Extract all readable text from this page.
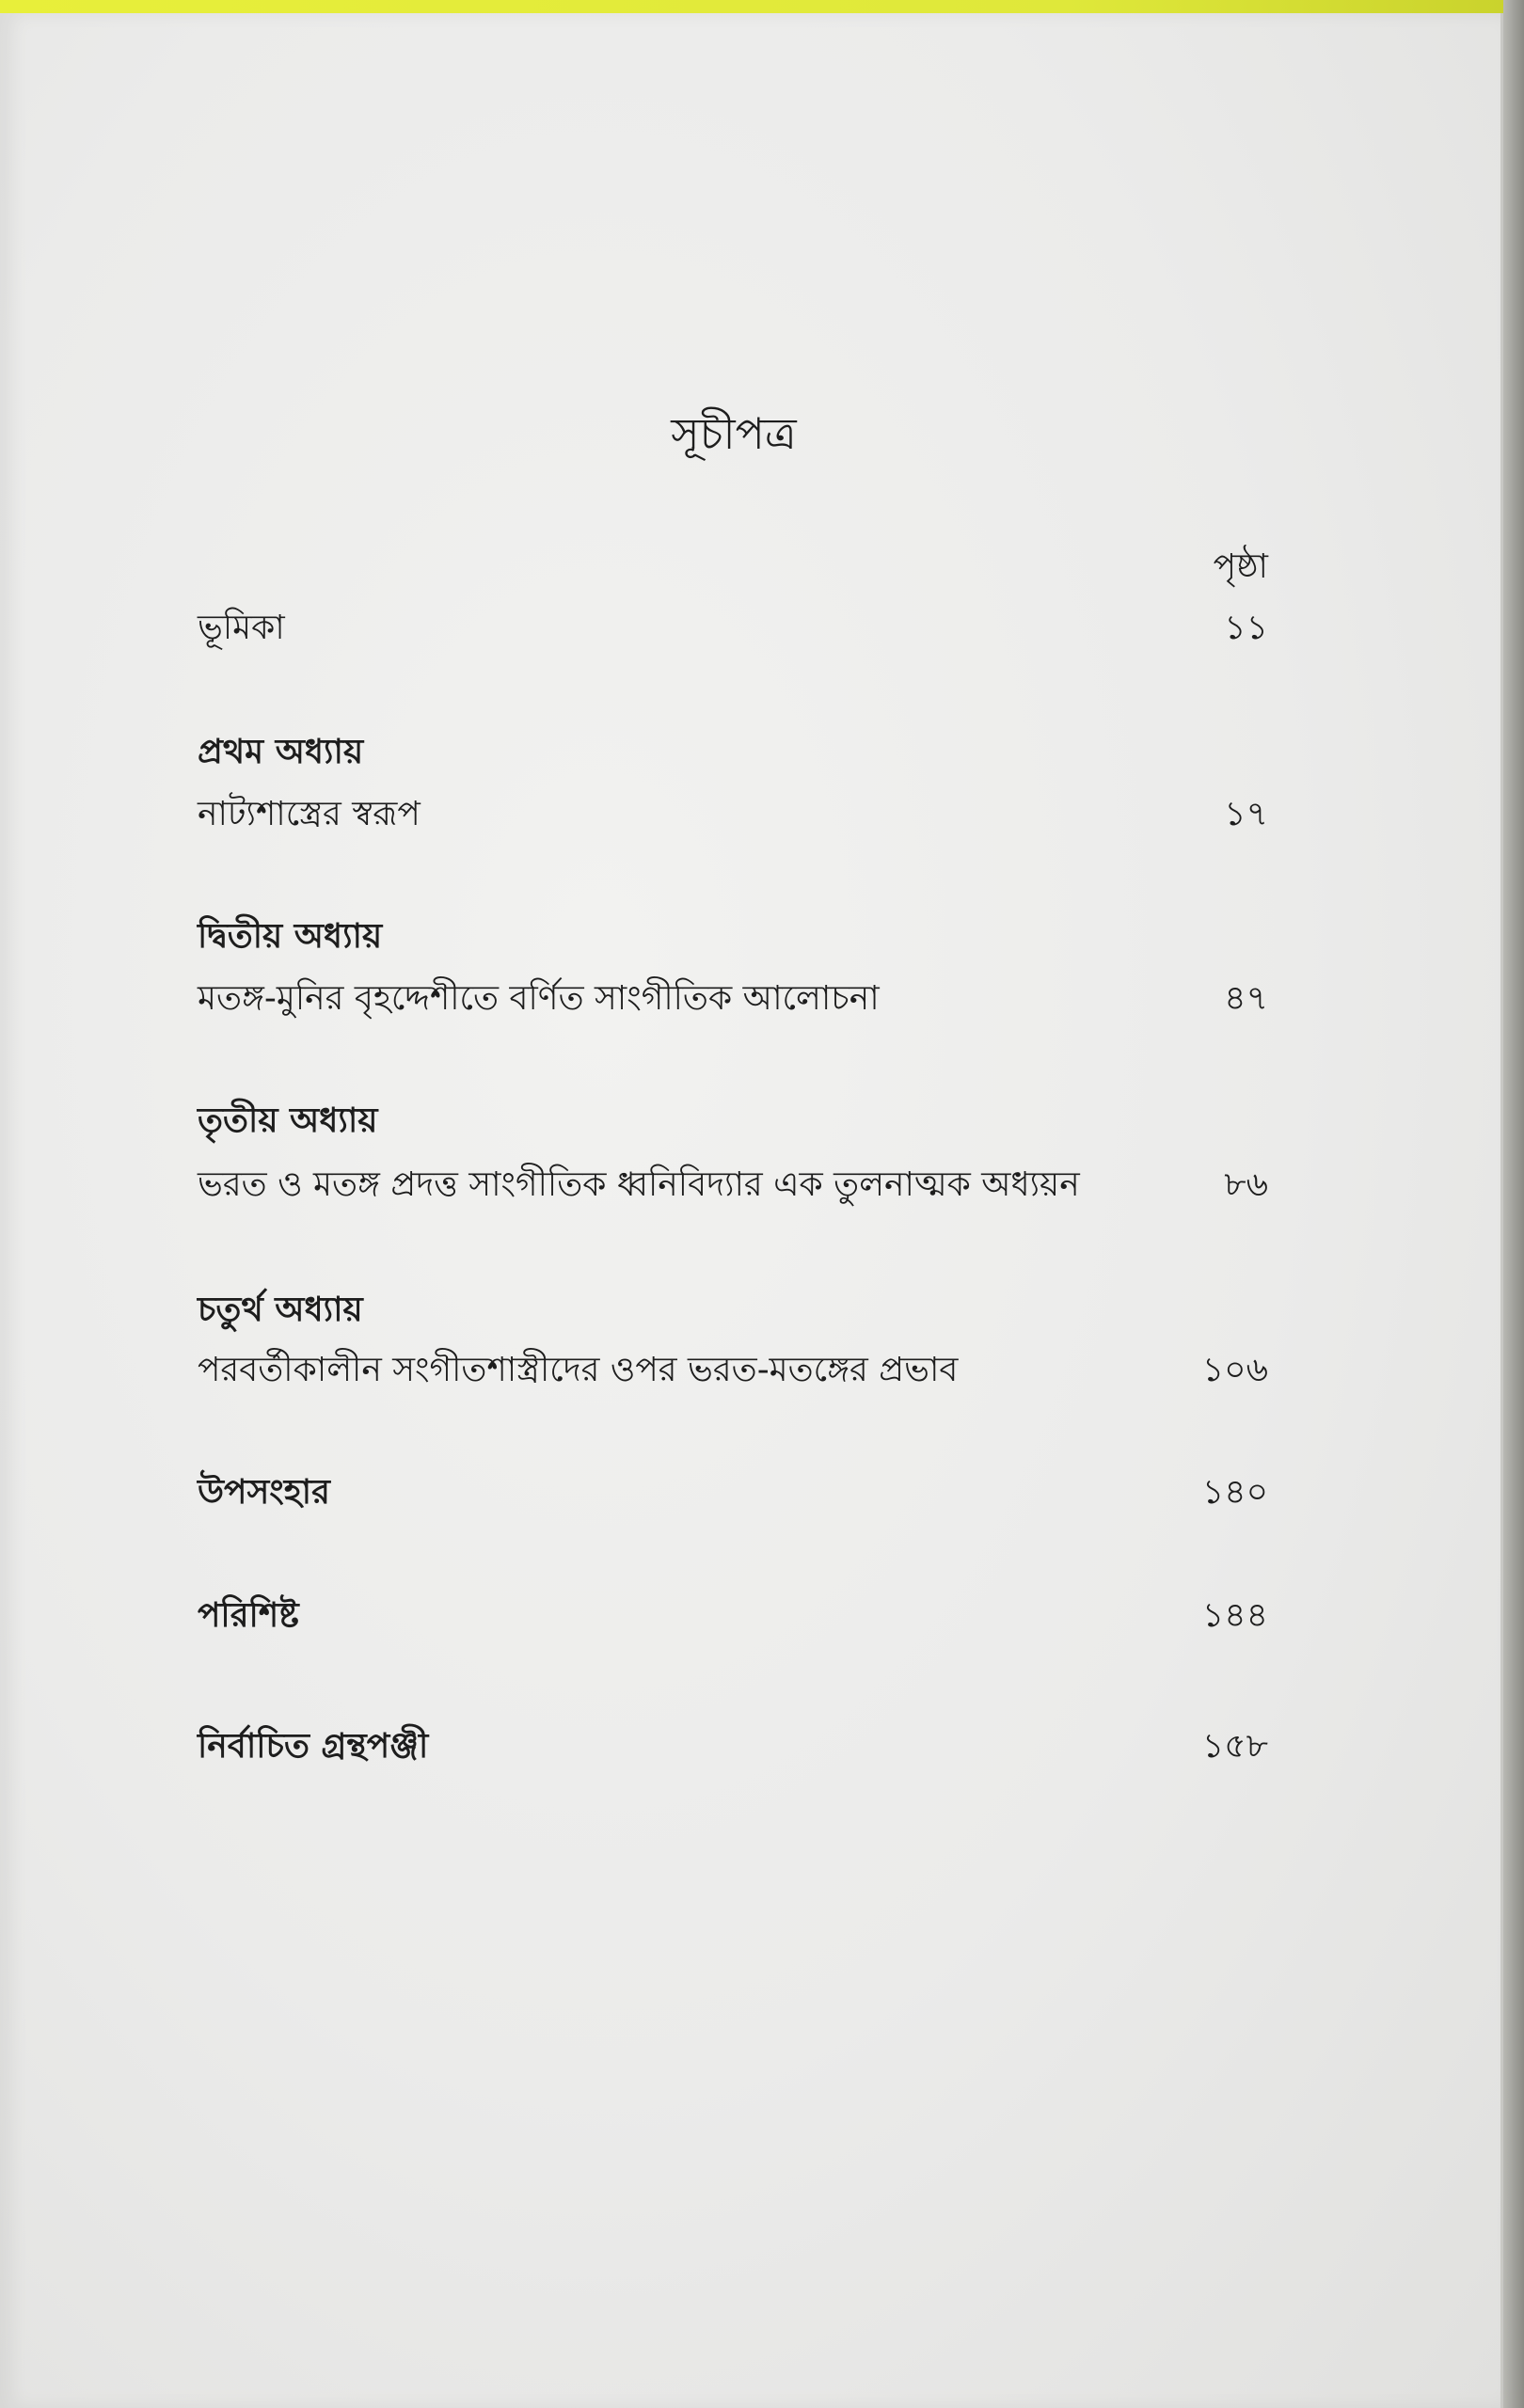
সূচীপত্র
পৃষ্ঠা
ভূমিকা	১১
প্রথম অধ্যায়
নাট্যশাস্ত্রের স্বরূপ	১৭
দ্বিতীয় অধ্যায়
মতঙ্গ-মুনির বৃহদ্দেশীতে বর্ণিত সাংগীতিক আলোচনা	৪৭
তৃতীয় অধ্যায়
ভরত ও মতঙ্গ প্রদত্ত সাংগীতিক ধ্বনিবিদ্যার এক তুলনাত্মক অধ্যয়ন	৮৬
চতুর্থ অধ্যায়
পরবর্তীকালীন সংগীতশাস্ত্রীদের ওপর ভরত-মতঙ্গের প্রভাব	১০৬
উপসংহার	১৪০
পরিশিষ্ট	১৪৪
নির্বাচিত গ্রন্থপঞ্জী	১৫৮
